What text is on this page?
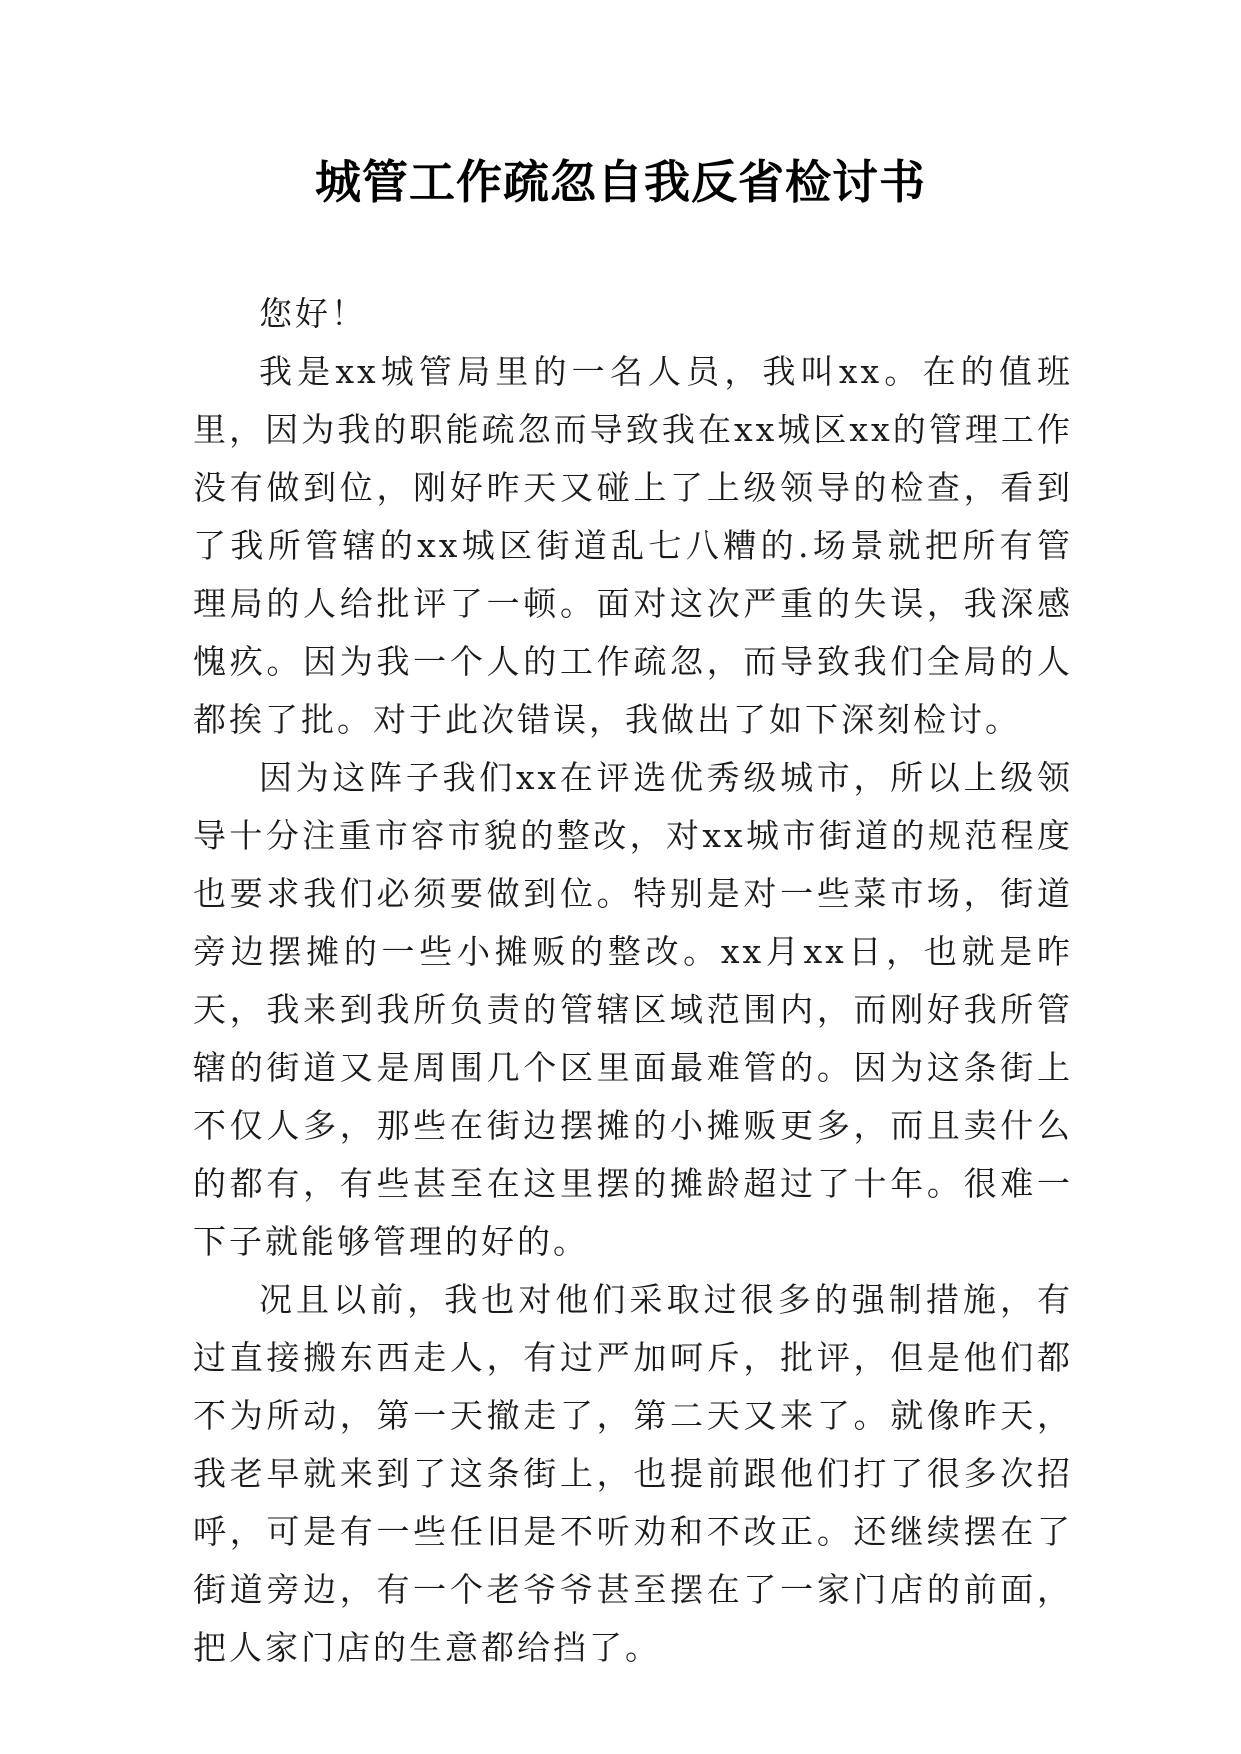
城管工作疏忽自我反省检讨书

您好！

我是xx城管局里的一名人员，我叫xx。在的值班里，因为我的职能疏忽而导致我在xx城区xx的管理工作没有做到位，刚好昨天又碰上了上级领导的检查，看到了我所管辖的xx城区街道乱七八糟的.场景就把所有管理局的人给批评了一顿。面对这次严重的失误，我深感愧疚。因为我一个人的工作疏忽，而导致我们全局的人都挨了批。对于此次错误，我做出了如下深刻检讨。

因为这阵子我们xx在评选优秀级城市，所以上级领导十分注重市容市貌的整改，对xx城市街道的规范程度也要求我们必须要做到位。特别是对一些菜市场，街道旁边摆摊的一些小摊贩的整改。xx月xx日，也就是昨天，我来到我所负责的管辖区域范围内，而刚好我所管辖的街道又是周围几个区里面最难管的。因为这条街上不仅人多，那些在街边摆摊的小摊贩更多，而且卖什么的都有，有些甚至在这里摆的摊龄超过了十年。很难一下子就能够管理的好的。

况且以前，我也对他们采取过很多的强制措施，有过直接搬东西走人，有过严加呵斥，批评，但是他们都不为所动，第一天撤走了，第二天又来了。就像昨天，我老早就来到了这条街上，也提前跟他们打了很多次招呼，可是有一些任旧是不听劝和不改正。还继续摆在了街道旁边，有一个老爷爷甚至摆在了一家门店的前面，把人家门店的生意都给挡了。
